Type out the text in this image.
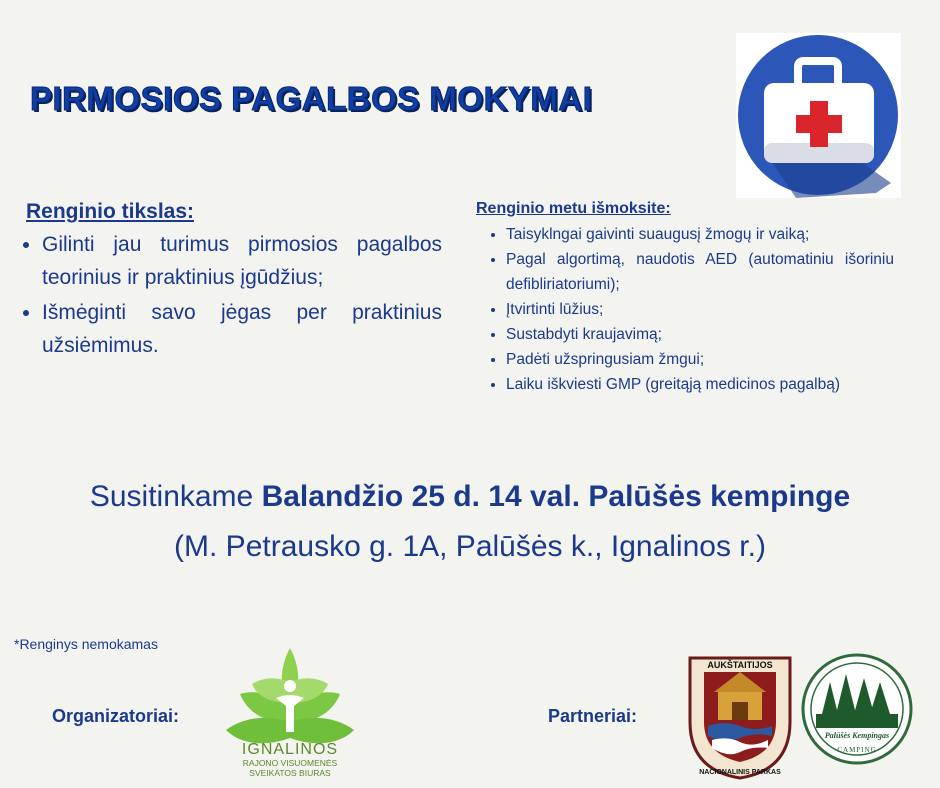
PIRMOSIOS PAGALBOS MOKYMAI
Renginio tikslas:
• Gilinti jau turimus pirmosios pagalbos teorinius ir praktinius įgūdžius;
• Išmėginti savo jėgas per praktinius užsiėmimus.
Renginio metu išmoksite:
• Taisyklngai gaivinti suaugusį žmogų ir vaiką;
• Pagal algortimą, naudotis AED (automatiniu išoriniu defibliriatoriumi);
• Įtvirtinti lūžius;
• Sustabdyti kraujavimą;
• Padėti užspringusiam žmgui;
• Laiku iškviesti GMP (greitąją medicinos pagalbą)
Susitinkame Balandžio 25 d. 14 val. Palūšės kempinge
(M. Petrausko g. 1A, Palūšės k., Ignalinos r.)
*Renginys nemokamas
Organizatoriai:	Partneriai:
IGNALINOS
RAJONO VISUOMENĖS
SVEIKATOS BIURAS
AUKŠTAITIJOS
NACIONALINIS PARKAS
Palūšės Kempingas
CAMPING
